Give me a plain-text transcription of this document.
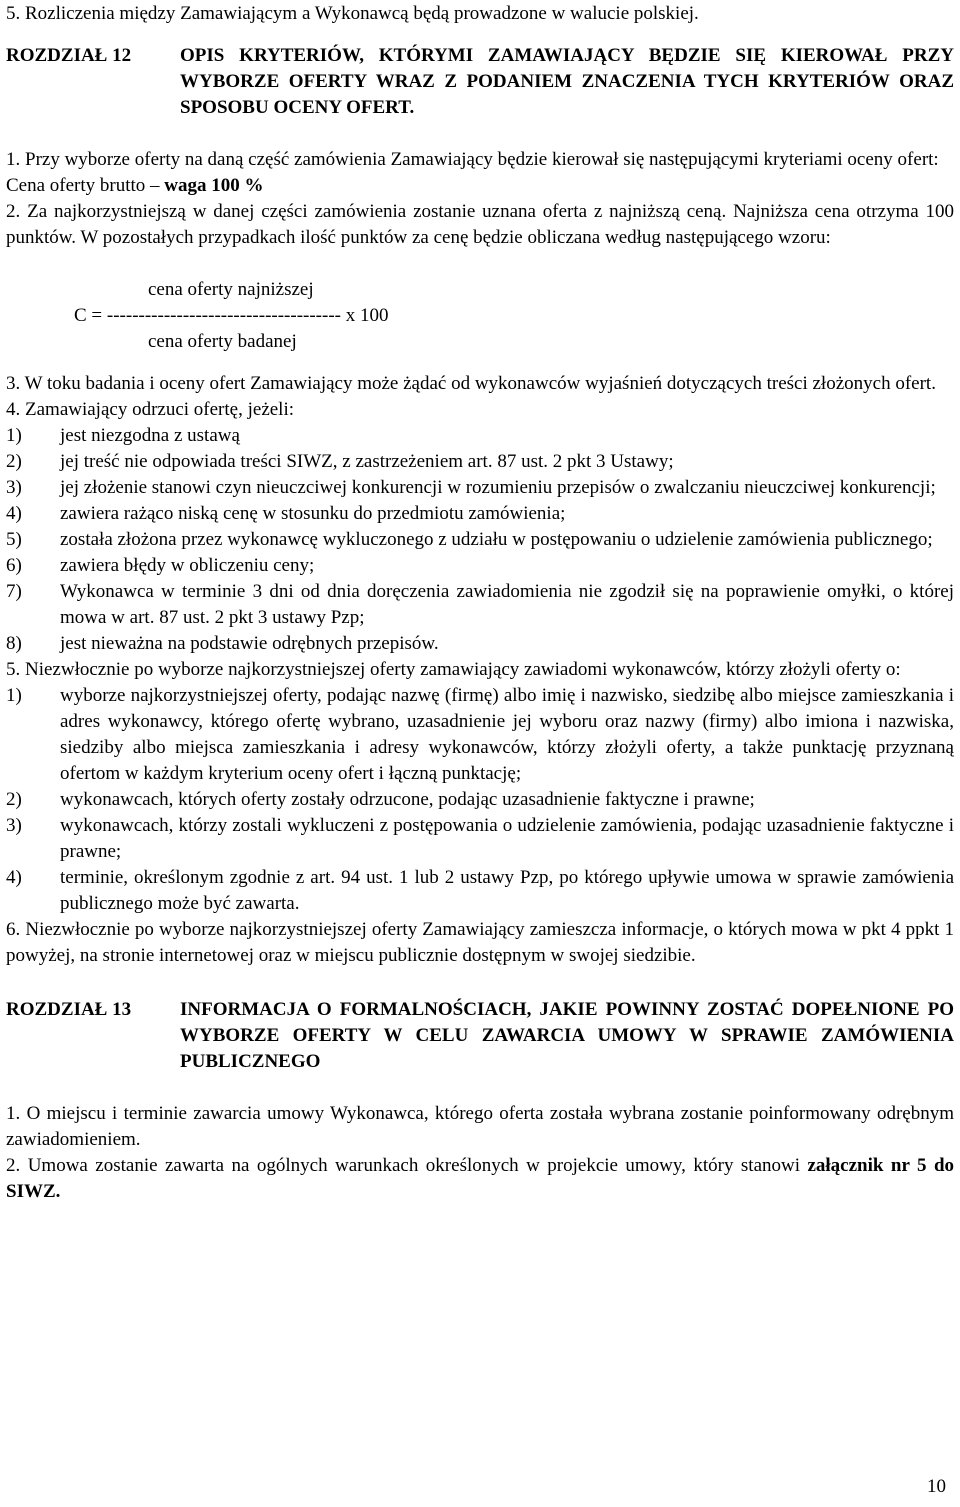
5. Rozliczenia między Zamawiającym a Wykonawcą będą prowadzone w walucie polskiej.

ROZDZIAŁ 12	OPIS KRYTERIÓW, KTÓRYMI ZAMAWIAJĄCY BĘDZIE SIĘ KIEROWAŁ PRZY WYBORZE OFERTY WRAZ Z PODANIEM ZNACZENIA TYCH KRYTERIÓW ORAZ SPOSOBU OCENY OFERT.

1. Przy wyborze oferty na daną część zamówienia Zamawiający będzie kierował się następującymi kryteriami oceny ofert:

Cena oferty brutto – waga 100 %

2. Za najkorzystniejszą w danej części zamówienia zostanie uznana oferta z najniższą ceną. Najniższa cena otrzyma 100 punktów. W pozostałych przypadkach ilość punktów za cenę będzie obliczana według następującego wzoru:

cena oferty najniższej

C = ------------------------------------- x 100

cena oferty badanej

3. W toku badania i oceny ofert Zamawiający może żądać od wykonawców wyjaśnień dotyczących treści złożonych ofert.

4. Zamawiający odrzuci ofertę, jeżeli:

1)	jest niezgodna z ustawą
2)	jej treść nie odpowiada treści SIWZ, z zastrzeżeniem art. 87 ust. 2 pkt 3 Ustawy;
3)	jej złożenie stanowi czyn nieuczciwej konkurencji w rozumieniu przepisów o zwalczaniu nieuczciwej konkurencji;
4)	zawiera rażąco niską cenę w stosunku do przedmiotu zamówienia;
5)	została złożona przez wykonawcę wykluczonego z udziału w postępowaniu o udzielenie zamówienia publicznego;
6)	zawiera błędy w obliczeniu ceny;
7)	Wykonawca w terminie 3 dni od dnia doręczenia zawiadomienia nie zgodził się na poprawienie omyłki, o której mowa w art. 87 ust. 2 pkt 3 ustawy Pzp;
8)	jest nieważna na podstawie odrębnych przepisów.

5. Niezwłocznie po wyborze najkorzystniejszej oferty zamawiający zawiadomi wykonawców, którzy złożyli oferty o:

1)	wyborze najkorzystniejszej oferty, podając nazwę (firmę) albo imię i nazwisko, siedzibę albo miejsce zamieszkania i adres wykonawcy, którego ofertę wybrano, uzasadnienie jej wyboru oraz nazwy (firmy) albo imiona i nazwiska, siedziby albo miejsca zamieszkania i adresy wykonawców, którzy złożyli oferty, a także punktację przyznaną ofertom w każdym kryterium oceny ofert i łączną punktację;
2)	wykonawcach, których oferty zostały odrzucone, podając uzasadnienie faktyczne i prawne;
3)	wykonawcach, którzy zostali wykluczeni z postępowania o udzielenie zamówienia, podając uzasadnienie faktyczne i prawne;
4)	terminie, określonym zgodnie z art. 94 ust. 1 lub 2 ustawy Pzp, po którego upływie umowa w sprawie zamówienia publicznego może być zawarta.

6. Niezwłocznie po wyborze najkorzystniejszej oferty Zamawiający zamieszcza informacje, o których mowa w pkt 4 ppkt 1 powyżej, na stronie internetowej oraz w miejscu publicznie dostępnym w swojej siedzibie.

ROZDZIAŁ 13	INFORMACJA O FORMALNOŚCIACH, JAKIE POWINNY ZOSTAĆ DOPEŁNIONE PO WYBORZE OFERTY W CELU ZAWARCIA UMOWY W SPRAWIE ZAMÓWIENIA PUBLICZNEGO

1. O miejscu i terminie zawarcia umowy Wykonawca, którego oferta została wybrana zostanie poinformowany odrębnym zawiadomieniem.

2. Umowa zostanie zawarta na ogólnych warunkach określonych w projekcie umowy, który stanowi załącznik nr 5 do SIWZ.

10
